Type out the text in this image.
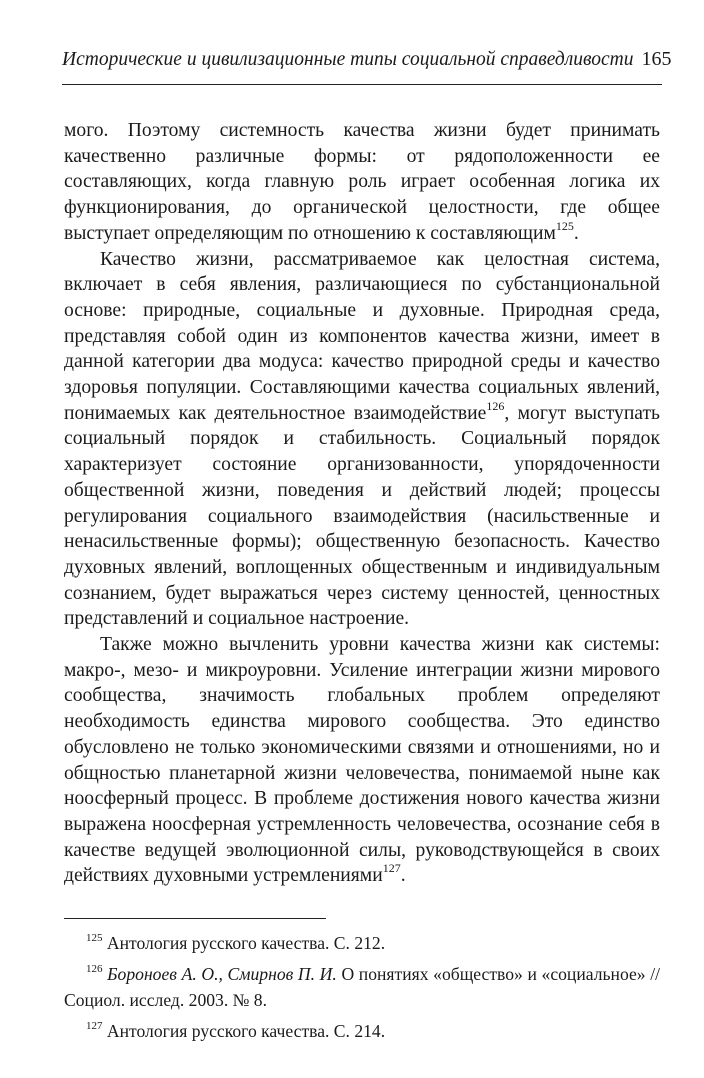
Исторические и цивилизационные типы социальной справедливости 165

мого. Поэтому системность качества жизни будет принимать качественно различные формы: от рядоположенности ее составляющих, когда главную роль играет особенная логика их функционирования, до органической целостности, где общее выступает определяющим по отношению к составляющим$^{125}$.

Качество жизни, рассматриваемое как целостная система, включает в себя явления, различающиеся по субстанциональной основе: природные, социальные и духовные. Природная среда, представляя собой один из компонентов качества жизни, имеет в данной категории два модуса: качество природной среды и качество здоровья популяции. Составляющими качества социальных явлений, понимаемых как деятельностное взаимодействие$^{126}$, могут выступать социальный порядок и стабильность. Социальный порядок характеризует состояние организованности, упорядоченности общественной жизни, поведения и действий людей; процессы регулирования социального взаимодействия (насильственные и ненасильственные формы); общественную безопасность. Качество духовных явлений, воплощенных общественным и индивидуальным сознанием, будет выражаться через систему ценностей, ценностных представлений и социальное настроение.

Также можно вычленить уровни качества жизни как системы: макро-, мезо- и микроуровни. Усиление интеграции жизни мирового сообщества, значимость глобальных проблем определяют необходимость единства мирового сообщества. Это единство обусловлено не только экономическими связями и отношениями, но и общностью планетарной жизни человечества, понимаемой ныне как ноосферный процесс. В проблеме достижения нового качества жизни выражена ноосферная устремленность человечества, осознание себя в качестве ведущей эволюционной силы, руководствующейся в своих действиях духовными устремлениями$^{127}$.

$^{125}$ Антология русского качества. С. 212.

$^{126}$ Бороноев А. О., Смирнов П. И. О понятиях «общество» и «социальное» // Социол. исслед. 2003. № 8.

$^{127}$ Антология русского качества. С. 214.
